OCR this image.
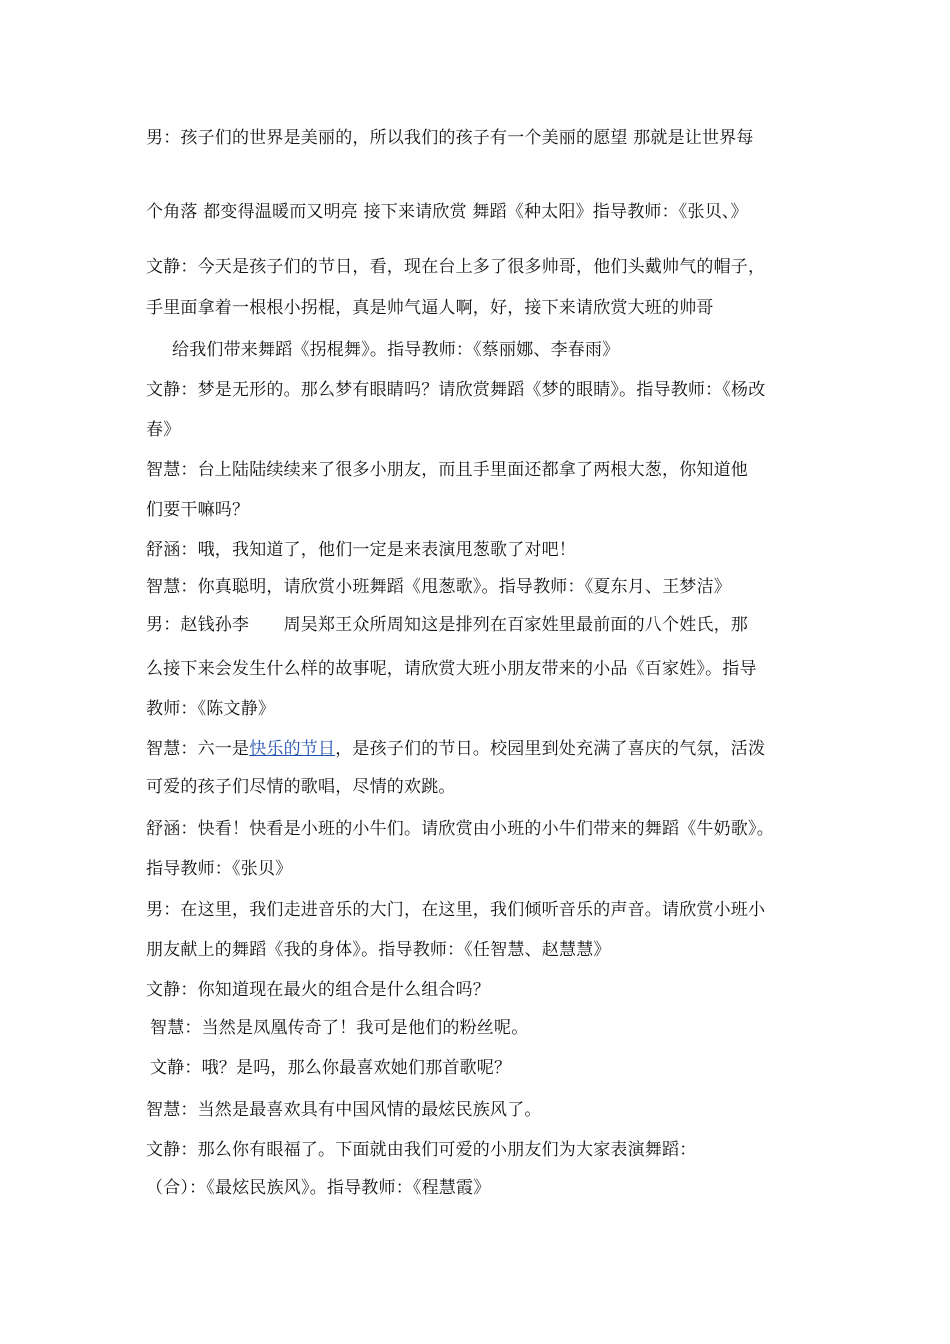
男：孩子们的世界是美丽的，所以我们的孩子有一个美丽的愿望 那就是让世界每
个角落 都变得温暖而又明亮 接下来请欣赏 舞蹈《种太阳》指导教师：《张贝、》
文静：今天是孩子们的节日，看，现在台上多了很多帅哥，他们头戴帅气的帽子，
手里面拿着一根根小拐棍，真是帅气逼人啊，好，接下来请欣赏大班的帅哥
给我们带来舞蹈《拐棍舞》。指导教师：《蔡丽娜、李春雨》
文静：梦是无形的。那么梦有眼睛吗？请欣赏舞蹈《梦的眼睛》。指导教师：《杨改
春》
智慧：台上陆陆续续来了很多小朋友，而且手里面还都拿了两根大葱，你知道他
们要干嘛吗？
舒涵：哦，我知道了，他们一定是来表演甩葱歌了对吧！
智慧：你真聪明，请欣赏小班舞蹈《甩葱歌》。指导教师：《夏东月、王梦洁》
男：赵钱孙李　　周吴郑王众所周知这是排列在百家姓里最前面的八个姓氏，那
么接下来会发生什么样的故事呢，请欣赏大班小朋友带来的小品《百家姓》。指导
教师：《陈文静》
智慧：六一是快乐的节日，是孩子们的节日。校园里到处充满了喜庆的气氛，活泼
可爱的孩子们尽情的歌唱，尽情的欢跳。
舒涵：快看！快看是小班的小牛们。请欣赏由小班的小牛们带来的舞蹈《牛奶歌》。
指导教师：《张贝》
男：在这里，我们走进音乐的大门，在这里，我们倾听音乐的声音。请欣赏小班小
朋友献上的舞蹈《我的身体》。指导教师：《任智慧、赵慧慧》
文静：你知道现在最火的组合是什么组合吗？
智慧：当然是凤凰传奇了！我可是他们的粉丝呢。
文静：哦？是吗，那么你最喜欢她们那首歌呢？
智慧：当然是最喜欢具有中国风情的最炫民族风了。
文静：那么你有眼福了。下面就由我们可爱的小朋友们为大家表演舞蹈：
（合）：《最炫民族风》。指导教师：《程慧霞》
